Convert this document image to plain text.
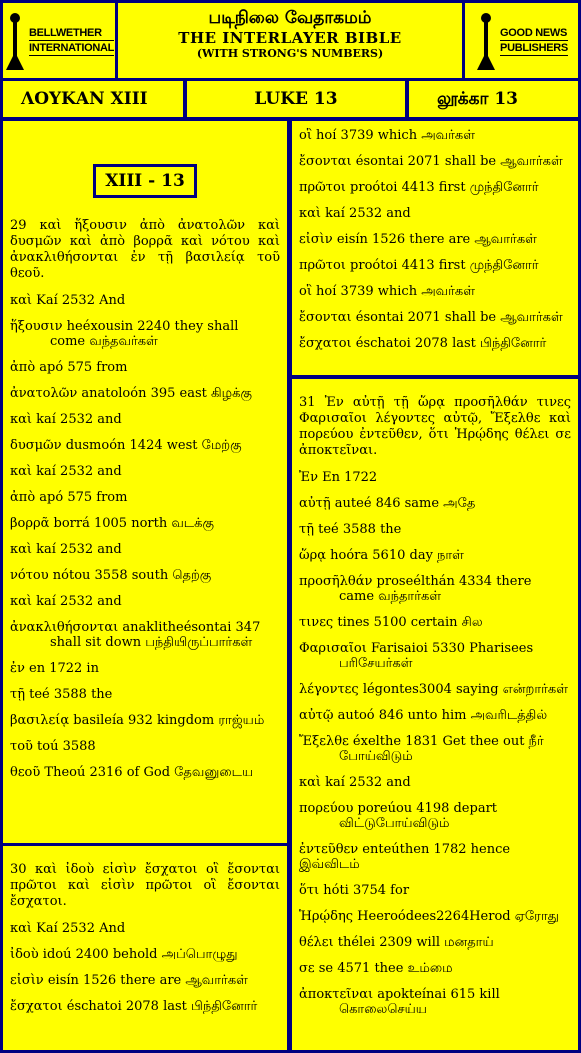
BELLWETHER
INTERNATIONAL
படிநிலை வேதாகமம்
THE INTERLAYER BIBLE
(WITH STRONG'S NUMBERS)
GOOD NEWS
PUBLISHERS
ΛΟΥΚΑΝ XIII	LUKE 13	லூக்கா 13
XIII - 13
29 καὶ ἥξουσιν ἀπὸ ἀνατολῶν καὶ δυσμῶν καὶ ἀπὸ βορρᾶ καὶ νότου καὶ ἀνακλιθήσονται ἐν τῇ βασιλείᾳ τοῦ θεοῦ.
καὶ Kaí 2532 And
ἥξουσιν heéxousin 2240 they shall
come வந்தவர்கள்
ἀπὸ apó 575 from
ἀνατολῶν anatoloón 395 east கிழக்கு
καὶ kaí 2532 and
δυσμῶν dusmoón 1424 west மேற்கு
καὶ kaí 2532 and
ἀπὸ apó 575 from
βορρᾶ borrá 1005 north வடக்கு
καὶ kaí 2532 and
νότου nótou 3558 south தெற்கு
καὶ kaí 2532 and
ἀνακλιθήσονται anaklitheésontai 347
shall sit down பந்தியிருப்பார்கள்
ἐν en 1722 in
τῇ teé 3588 the
βασιλείᾳ basileía 932 kingdom ராஜ்யம்
τοῦ toú 3588
θεοῦ Theoú 2316 of God தேவனுடைய
30 καὶ ἰδοὺ εἰσὶν ἔσχατοι οἳ ἔσονται πρῶτοι καὶ εἰσὶν πρῶτοι οἳ ἔσονται ἔσχατοι.
καὶ Kaí 2532 And
ἰδοὺ idoú 2400 behold அப்பொழுது
εἰσὶν eisín 1526 there are ஆவார்கள்
ἔσχατοι éschatoi 2078 last பிந்தினோர்
οἳ hoí 3739 which அவர்கள்
ἔσονται ésontai 2071 shall be ஆவார்கள்
πρῶτοι proótoi 4413 first முந்தினோர்
καὶ kaí 2532 and
εἰσὶν eisín 1526 there are ஆவார்கள்
πρῶτοι proótoi 4413 first முந்தினோர்
οἳ hoí 3739 which அவர்கள்
ἔσονται ésontai 2071 shall be ஆவார்கள்
ἔσχατοι éschatoi 2078 last பிந்தினோர்
31 Ἐν αὐτῇ τῇ ὥρᾳ προσῆλθάν τινες Φαρισαῖοι λέγοντες αὐτῷ, Ἔξελθε καὶ πορεύου ἐντεῦθεν, ὅτι Ἡρῴδης θέλει σε ἀποκτεῖναι.
Ἐν En 1722
αὐτῇ auteé 846 same அதே
τῇ teé 3588 the
ὥρᾳ hoóra 5610 day நாள்
προσῆλθάν proseélthán 4334 there
came வந்தார்கள்
τινες tines 5100 certain சில
Φαρισαῖοι Farisaioi 5330 Pharisees
பரிசேயர்கள்
λέγοντες légontes3004 saying என்றார்கள்
αὐτῷ autoó 846 unto him அவரிடத்தில்
Ἔξελθε éxelthe 1831 Get thee out நீர்
போய்விடும்
καὶ kaí 2532 and
πορεύου poreúou 4198 depart
விட்டுபோய்விடும்
ἐντεῦθεν enteúthen 1782 hence இவ்விடம்
ὅτι hóti 3754 for
Ἡρῴδης Heeroódees2264Herod ஏரோது
θέλει thélei 2309 will மனதாய்
σε se 4571 thee உம்மை
ἀποκτεῖναι apokteínai 615 kill
கொலைசெய்ய
